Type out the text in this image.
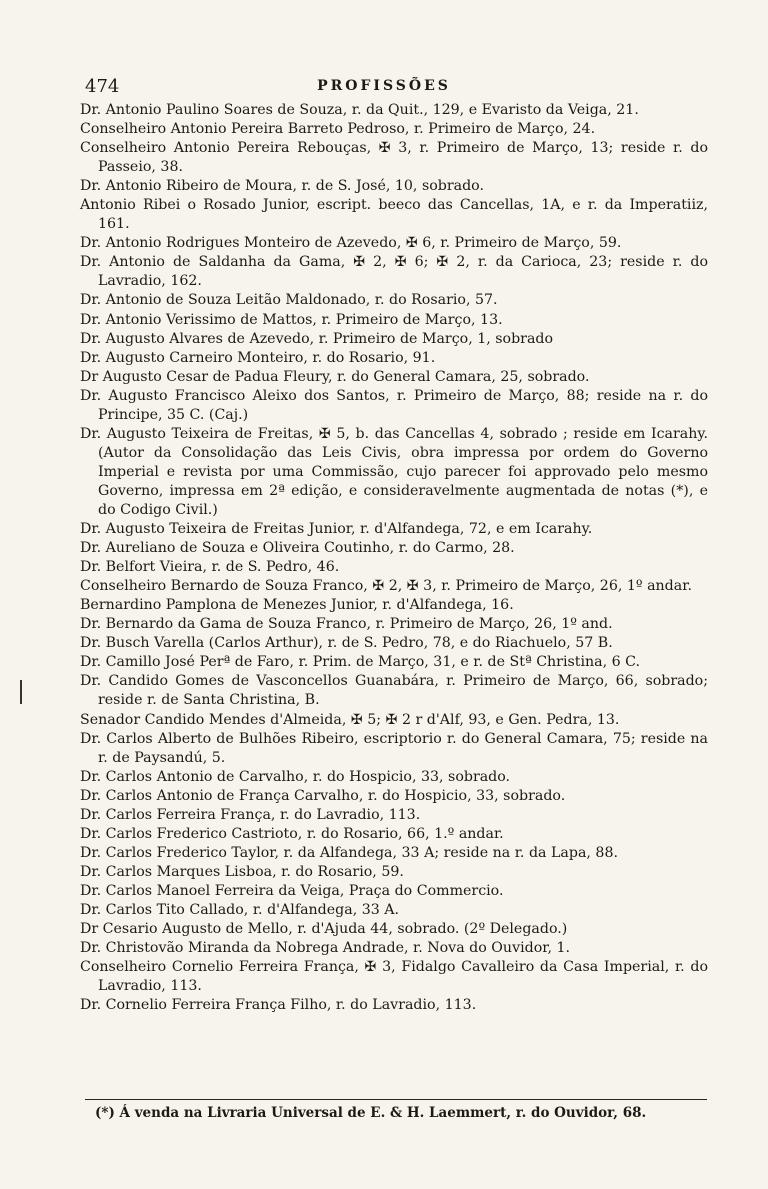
474	PROFISSÕES
Dr. Antonio Paulino Soares de Souza, r. da Quit., 129, e Evaristo da Veiga, 21.
Conselheiro Antonio Pereira Barreto Pedroso, r. Primeiro de Março, 24.
Conselheiro Antonio Pereira Rebouças, ✠ 3, r. Primeiro de Março, 13; reside r. do Passeio, 38.
Dr. Antonio Ribeiro de Moura, r. de S. José, 10, sobrado.
Antonio Ribei o Rosado Junior, escript. beeco das Cancellas, 1A, e r. da Imperatiiz, 161.
Dr. Antonio Rodrigues Monteiro de Azevedo, ✠ 6, r. Primeiro de Março, 59.
Dr. Antonio de Saldanha da Gama, ✠ 2, ✠ 6; ✠ 2, r. da Carioca, 23; reside r. do Lavradio, 162.
Dr. Antonio de Souza Leitão Maldonado, r. do Rosario, 57.
Dr. Antonio Verissimo de Mattos, r. Primeiro de Março, 13.
Dr. Augusto Alvares de Azevedo, r. Primeiro de Março, 1, sobrado
Dr. Augusto Carneiro Monteiro, r. do Rosario, 91.
Dr Augusto Cesar de Padua Fleury, r. do General Camara, 25, sobrado.
Dr. Augusto Francisco Aleixo dos Santos, r. Primeiro de Março, 88; reside na r. do Principe, 35 C. (Caj.)
Dr. Augusto Teixeira de Freitas, ✠ 5, b. das Cancellas 4, sobrado ; reside em Icarahy. (Autor da Consolidação das Leis Civis, obra impressa por ordem do Governo Imperial e revista por uma Commissão, cujo parecer foi approvado pelo mesmo Governo, impressa em 2ª edição, e consideravelmente augmentada de notas (*), e do Codigo Civil.)
Dr. Augusto Teixeira de Freitas Junior, r. d'Alfandega, 72, e em Icarahy.
Dr. Aureliano de Souza e Oliveira Coutinho, r. do Carmo, 28.
Dr. Belfort Vieira, r. de S. Pedro, 46.
Conselheiro Bernardo de Souza Franco, ✠ 2, ✠ 3, r. Primeiro de Março, 26, 1º andar.
Bernardino Pamplona de Menezes Junior, r. d'Alfandega, 16.
Dr. Bernardo da Gama de Souza Franco, r. Primeiro de Março, 26, 1º and.
Dr. Busch Varella (Carlos Arthur), r. de S. Pedro, 78, e do Riachuelo, 57 B.
Dr. Camillo José Perª de Faro, r. Prim. de Março, 31, e r. de Stª Christina, 6 C.
Dr. Candido Gomes de Vasconcellos Guanabára, r. Primeiro de Março, 66, sobrado; reside r. de Santa Christina, B.
Senador Candido Mendes d'Almeida, ✠ 5; ✠ 2 r d'Alf, 93, e Gen. Pedra, 13.
Dr. Carlos Alberto de Bulhões Ribeiro, escriptorio r. do General Camara, 75; reside na r. de Paysandú, 5.
Dr. Carlos Antonio de Carvalho, r. do Hospicio, 33, sobrado.
Dr. Carlos Antonio de França Carvalho, r. do Hospicio, 33, sobrado.
Dr. Carlos Ferreira França, r. do Lavradio, 113.
Dr. Carlos Frederico Castrioto, r. do Rosario, 66, 1.º andar.
Dr. Carlos Frederico Taylor, r. da Alfandega, 33 A; reside na r. da Lapa, 88.
Dr. Carlos Marques Lisboa, r. do Rosario, 59.
Dr. Carlos Manoel Ferreira da Veiga, Praça do Commercio.
Dr. Carlos Tito Callado, r. d'Alfandega, 33 A.
Dr Cesario Augusto de Mello, r. d'Ajuda 44, sobrado. (2º Delegado.)
Dr. Christovão Miranda da Nobrega Andrade, r. Nova do Ouvidor, 1.
Conselheiro Cornelio Ferreira França, ✠ 3, Fidalgo Cavalleiro da Casa Imperial, r. do Lavradio, 113.
Dr. Cornelio Ferreira França Filho, r. do Lavradio, 113.
(*) Á venda na Livraria Universal de E. & H. Laemmert, r. do Ouvidor, 68.
